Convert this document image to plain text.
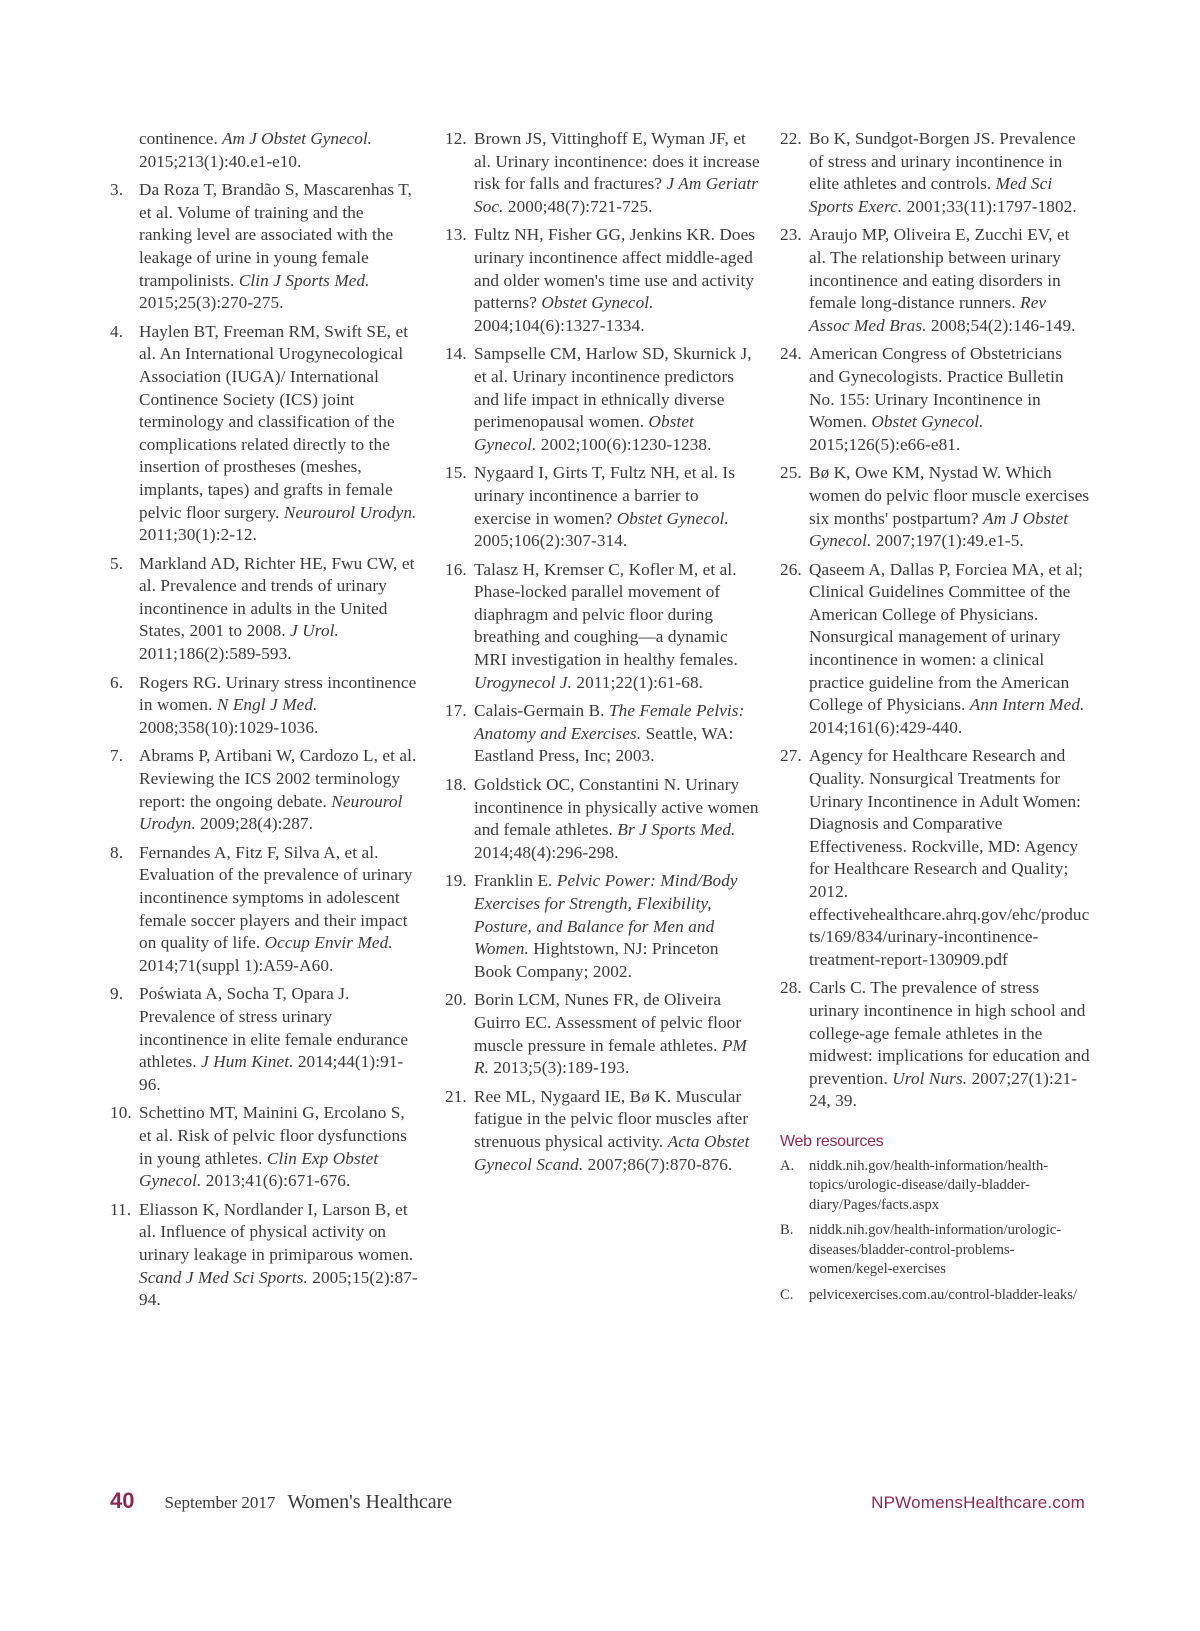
continence. Am J Obstet Gynecol. 2015;213(1):40.e1-e10.
3. Da Roza T, Brandão S, Mascarenhas T, et al. Volume of training and the ranking level are associated with the leakage of urine in young female trampolinists. Clin J Sports Med. 2015;25(3):270-275.
4. Haylen BT, Freeman RM, Swift SE, et al. An International Urogynecological Association (IUGA)/ International Continence Society (ICS) joint terminology and classification of the complications related directly to the insertion of prostheses (meshes, implants, tapes) and grafts in female pelvic floor surgery. Neurourol Urodyn. 2011;30(1):2-12.
5. Markland AD, Richter HE, Fwu CW, et al. Prevalence and trends of urinary incontinence in adults in the United States, 2001 to 2008. J Urol. 2011;186(2):589-593.
6. Rogers RG. Urinary stress incontinence in women. N Engl J Med. 2008;358(10):1029-1036.
7. Abrams P, Artibani W, Cardozo L, et al. Reviewing the ICS 2002 terminology report: the ongoing debate. Neurourol Urodyn. 2009;28(4):287.
8. Fernandes A, Fitz F, Silva A, et al. Evaluation of the prevalence of urinary incontinence symptoms in adolescent female soccer players and their impact on quality of life. Occup Envir Med. 2014;71(suppl 1):A59-A60.
9. Poświata A, Socha T, Opara J. Prevalence of stress urinary incontinence in elite female endurance athletes. J Hum Kinet. 2014;44(1):91-96.
10. Schettino MT, Mainini G, Ercolano S, et al. Risk of pelvic floor dysfunctions in young athletes. Clin Exp Obstet Gynecol. 2013;41(6):671-676.
11. Eliasson K, Nordlander I, Larson B, et al. Influence of physical activity on urinary leakage in primiparous women. Scand J Med Sci Sports. 2005;15(2):87-94.
12. Brown JS, Vittinghoff E, Wyman JF, et al. Urinary incontinence: does it increase risk for falls and fractures? J Am Geriatr Soc. 2000;48(7):721-725.
13. Fultz NH, Fisher GG, Jenkins KR. Does urinary incontinence affect middle-aged and older women's time use and activity patterns? Obstet Gynecol. 2004;104(6):1327-1334.
14. Sampselle CM, Harlow SD, Skurnick J, et al. Urinary incontinence predictors and life impact in ethnically diverse perimenopausal women. Obstet Gynecol. 2002;100(6):1230-1238.
15. Nygaard I, Girts T, Fultz NH, et al. Is urinary incontinence a barrier to exercise in women? Obstet Gynecol. 2005;106(2):307-314.
16. Talasz H, Kremser C, Kofler M, et al. Phase-locked parallel movement of diaphragm and pelvic floor during breathing and coughing—a dynamic MRI investigation in healthy females. Urogynecol J. 2011;22(1):61-68.
17. Calais-Germain B. The Female Pelvis: Anatomy and Exercises. Seattle, WA: Eastland Press, Inc; 2003.
18. Goldstick OC, Constantini N. Urinary incontinence in physically active women and female athletes. Br J Sports Med. 2014;48(4):296-298.
19. Franklin E. Pelvic Power: Mind/Body Exercises for Strength, Flexibility, Posture, and Balance for Men and Women. Hightstown, NJ: Princeton Book Company; 2002.
20. Borin LCM, Nunes FR, de Oliveira Guirro EC. Assessment of pelvic floor muscle pressure in female athletes. PM R. 2013;5(3):189-193.
21. Ree ML, Nygaard IE, Bø K. Muscular fatigue in the pelvic floor muscles after strenuous physical activity. Acta Obstet Gynecol Scand. 2007;86(7):870-876.
22. Bo K, Sundgot-Borgen JS. Prevalence of stress and urinary incontinence in elite athletes and controls. Med Sci Sports Exerc. 2001;33(11):1797-1802.
23. Araujo MP, Oliveira E, Zucchi EV, et al. The relationship between urinary incontinence and eating disorders in female long-distance runners. Rev Assoc Med Bras. 2008;54(2):146-149.
24. American Congress of Obstetricians and Gynecologists. Practice Bulletin No. 155: Urinary Incontinence in Women. Obstet Gynecol. 2015;126(5):e66-e81.
25. Bø K, Owe KM, Nystad W. Which women do pelvic floor muscle exercises six months' postpartum? Am J Obstet Gynecol. 2007;197(1):49.e1-5.
26. Qaseem A, Dallas P, Forciea MA, et al; Clinical Guidelines Committee of the American College of Physicians. Nonsurgical management of urinary incontinence in women: a clinical practice guideline from the American College of Physicians. Ann Intern Med. 2014;161(6):429-440.
27. Agency for Healthcare Research and Quality. Nonsurgical Treatments for Urinary Incontinence in Adult Women: Diagnosis and Comparative Effectiveness. Rockville, MD: Agency for Healthcare Research and Quality; 2012. effectivehealthcare.ahrq.gov/ehc/products/169/834/urinary-incontinence-treatment-report-130909.pdf
28. Carls C. The prevalence of stress urinary incontinence in high school and college-age female athletes in the midwest: implications for education and prevention. Urol Nurs. 2007;27(1):21-24, 39.
Web resources
A.	niddk.nih.gov/health-information/health-topics/urologic-disease/daily-bladder-diary/Pages/facts.aspx
B.	niddk.nih.gov/health-information/urologic-diseases/bladder-control-problems-women/kegel-exercises
C.	pelvicexercises.com.au/control-bladder-leaks/
40 September 2017 Women's Healthcare	NPWomensHealthcare.com
